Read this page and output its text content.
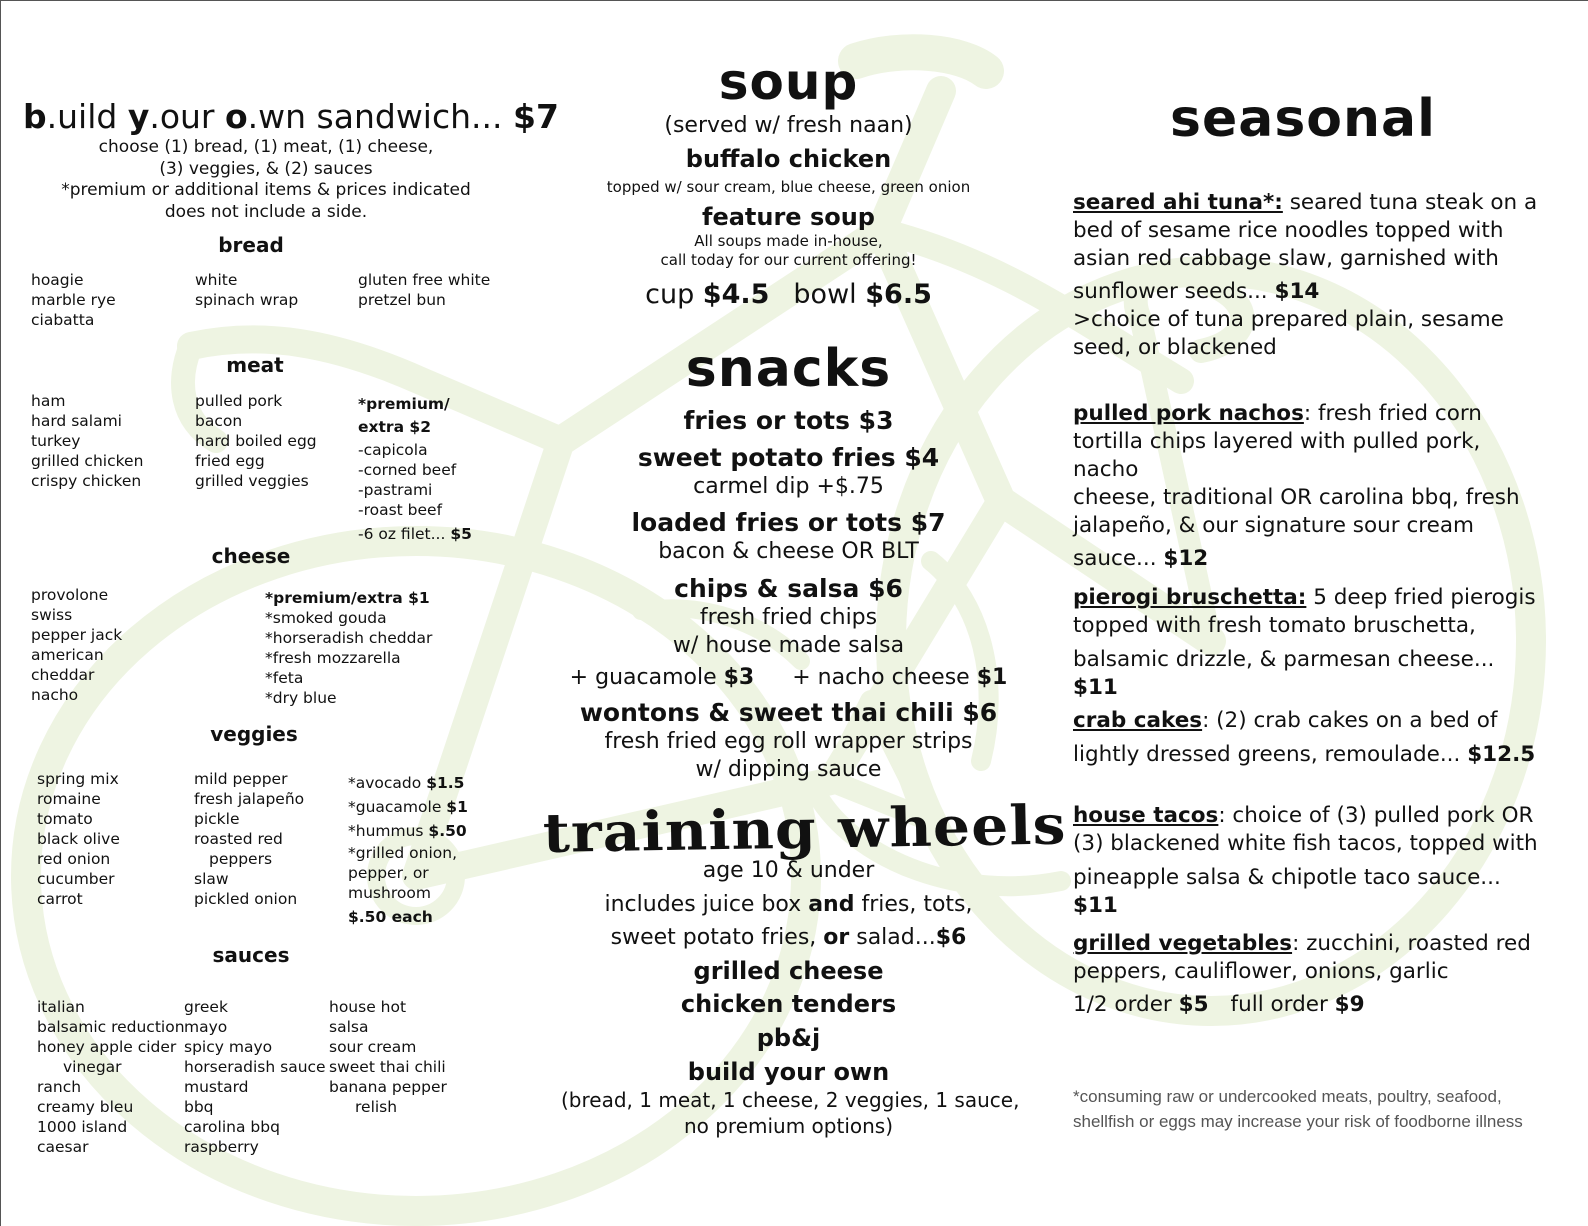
b.uild y.our o.wn sandwich... $7
choose (1) bread, (1) meat, (1) cheese,
(3) veggies, & (2) sauces
*premium or additional items & prices indicated
does not include a side.
bread
hoagie
marble rye
ciabatta
white
spinach wrap
gluten free white
pretzel bun
meat
ham
hard salami
turkey
grilled chicken
crispy chicken
pulled pork
bacon
hard boiled egg
fried egg
grilled veggies
*premium/
extra $2
-capicola
-corned beef
-pastrami
-roast beef
-6 oz filet... $5
cheese
provolone
swiss
pepper jack
american
cheddar
nacho
*premium/extra $1
*smoked gouda
*horseradish cheddar
*fresh mozzarella
*feta
*dry blue
veggies
spring mix
romaine
tomato
black olive
red onion
cucumber
carrot
mild pepper
fresh jalapeño
pickle
roasted red
peppers
slaw
pickled onion
*avocado $1.5
*guacamole $1
*hummus $.50
*grilled onion,
pepper, or
mushroom
$.50 each
sauces
italian
balsamic reduction
honey apple cider
vinegar
ranch
creamy bleu
1000 island
caesar
greek
mayo
spicy mayo
horseradish sauce
mustard
bbq
carolina bbq
raspberry
house hot
salsa
sour cream
sweet thai chili
banana pepper
relish
soup
(served w/ fresh naan)
buffalo chicken
topped w/ sour cream, blue cheese, green onion
feature soup
All soups made in-house,
call today for our current offering!
cup $4.5 bowl $6.5
snacks
fries or tots $3
sweet potato fries $4
carmel dip +$.75
loaded fries or tots $7
bacon & cheese OR BLT
chips & salsa $6
fresh fried chips
w/ house made salsa
+ guacamole $3 + nacho cheese $1
wontons & sweet thai chili $6
fresh fried egg roll wrapper strips
w/ dipping sauce
training wheels
age 10 & under
includes juice box and fries, tots,
sweet potato fries, or salad...$6
grilled cheese
chicken tenders
pb&j
build your own
(bread, 1 meat, 1 cheese, 2 veggies, 1 sauce,
no premium options)
seasonal
seared ahi tuna*: seared tuna steak on a
bed of sesame rice noodles topped with
asian red cabbage slaw, garnished with
sunflower seeds... $14
>choice of tuna prepared plain, sesame
seed, or blackened
pulled pork nachos: fresh fried corn
tortilla chips layered with pulled pork, nacho
cheese, traditional OR carolina bbq, fresh
jalapeño, & our signature sour cream
sauce... $12
pierogi bruschetta: 5 deep fried pierogis
topped with fresh tomato bruschetta,
balsamic drizzle, & parmesan cheese... $11
crab cakes: (2) crab cakes on a bed of
lightly dressed greens, remoulade... $12.5
house tacos: choice of (3) pulled pork OR
(3) blackened white fish tacos, topped with
pineapple salsa & chipotle taco sauce... $11
grilled vegetables: zucchini, roasted red
peppers, cauliflower, onions, garlic
1/2 order $5 full order $9
*consuming raw or undercooked meats, poultry, seafood, shellfish or eggs may increase your risk of foodborne illness
